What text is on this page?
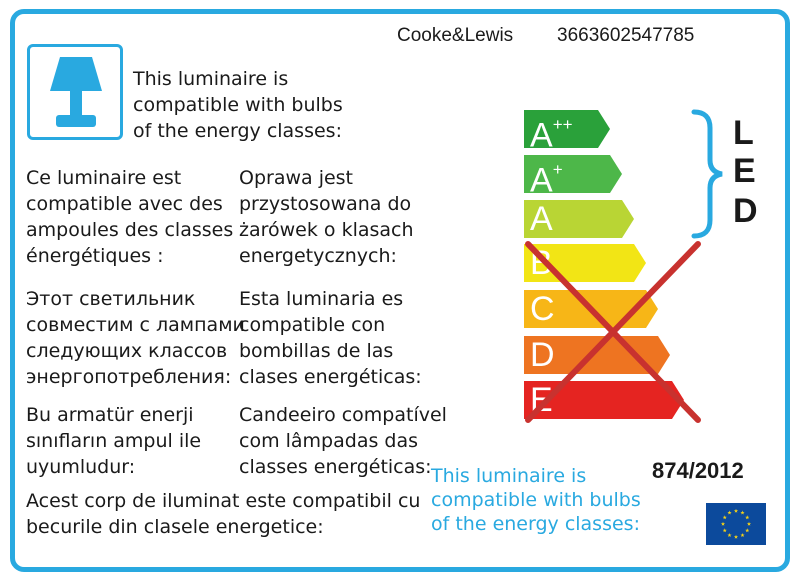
Cooke&Lewis 3663602547785
This luminaire is
compatible with bulbs
of the energy classes:
Ce luminaire est
compatible avec des
ampoules des classes
énergétiques :
Oprawa jest
przystosowana do
żarówek o klasach
energetycznych:
Этот светильник
совместим с лампами
следующих классов
энергопотребления:
Esta luminaria es
compatible con
bombillas de las
clases energéticas:
Bu armatür enerji
sınıfların ampul ile
uyumludur:
Candeeiro compatível
com lâmpadas das
classes energéticas:
Acest corp de iluminat este compatibil cu
becurile din clasele energetice:
A++
A+
A
B
C
D
E
L
E
D
This luminaire is
compatible with bulbs
of the energy classes:
874/2012
